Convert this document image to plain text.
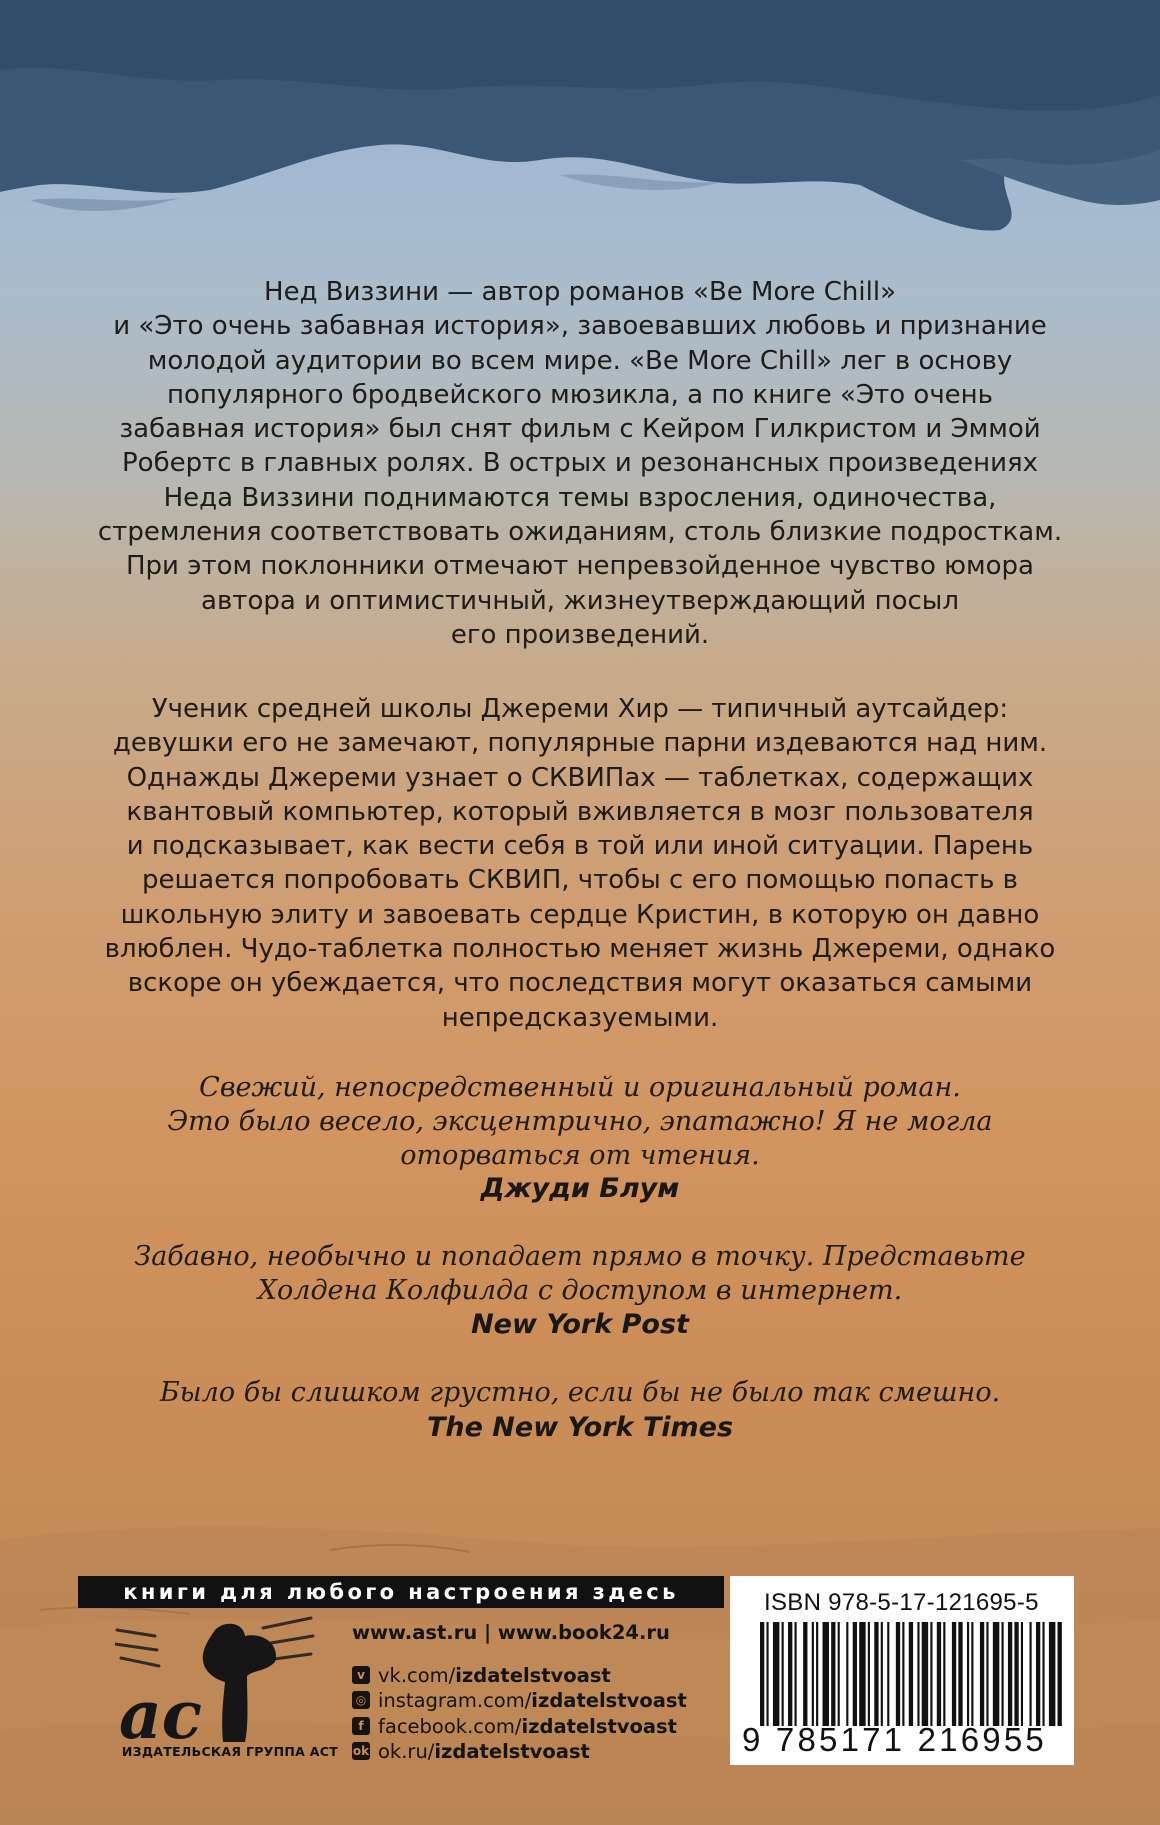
Нед Виззини — автор романов «Be More Chill»
и «Это очень забавная история», завоевавших любовь и признание
молодой аудитории во всем мире. «Be More Chill» лег в основу
популярного бродвейского мюзикла, а по книге «Это очень
забавная история» был снят фильм с Кейром Гилкристом и Эммой
Робертс в главных ролях. В острых и резонансных произведениях
Неда Виззини поднимаются темы взросления, одиночества,
стремления соответствовать ожиданиям, столь близкие подросткам.
При этом поклонники отмечают непревзойденное чувство юмора
автора и оптимистичный, жизнеутверждающий посыл
его произведений.

Ученик средней школы Джереми Хир — типичный аутсайдер:
девушки его не замечают, популярные парни издеваются над ним.
Однажды Джереми узнает о СКВИПах — таблетках, содержащих
квантовый компьютер, который вживляется в мозг пользователя
и подсказывает, как вести себя в той или иной ситуации. Парень
решается попробовать СКВИП, чтобы с его помощью попасть в
школьную элиту и завоевать сердце Кристин, в которую он давно
влюблен. Чудо-таблетка полностью меняет жизнь Джереми, однако
вскоре он убеждается, что последствия могут оказаться самыми
непредсказуемыми.

Свежий, непосредственный и оригинальный роман.
Это было весело, эксцентрично, эпатажно! Я не могла
оторваться от чтения.

Джуди Блум

Забавно, необычно и попадает прямо в точку. Представьте
Холдена Колфилда с доступом в интернет.

New York Post

Было бы слишком грустно, если бы не было так смешно.

The New York Times

книги для любого настроения здесь
ас
ИЗДАТЕЛЬСКАЯ ГРУППА АСТ
www.ast.ru | www.book24.ru
v vk.com/ izdatelstvoast
◎ instagram.com/ izdatelstvoast
f facebook.com/ izdatelstvoast
ok ok.ru/ izdatelstvoast
ISBN 978-5-17-121695-5
9 785171 216955
